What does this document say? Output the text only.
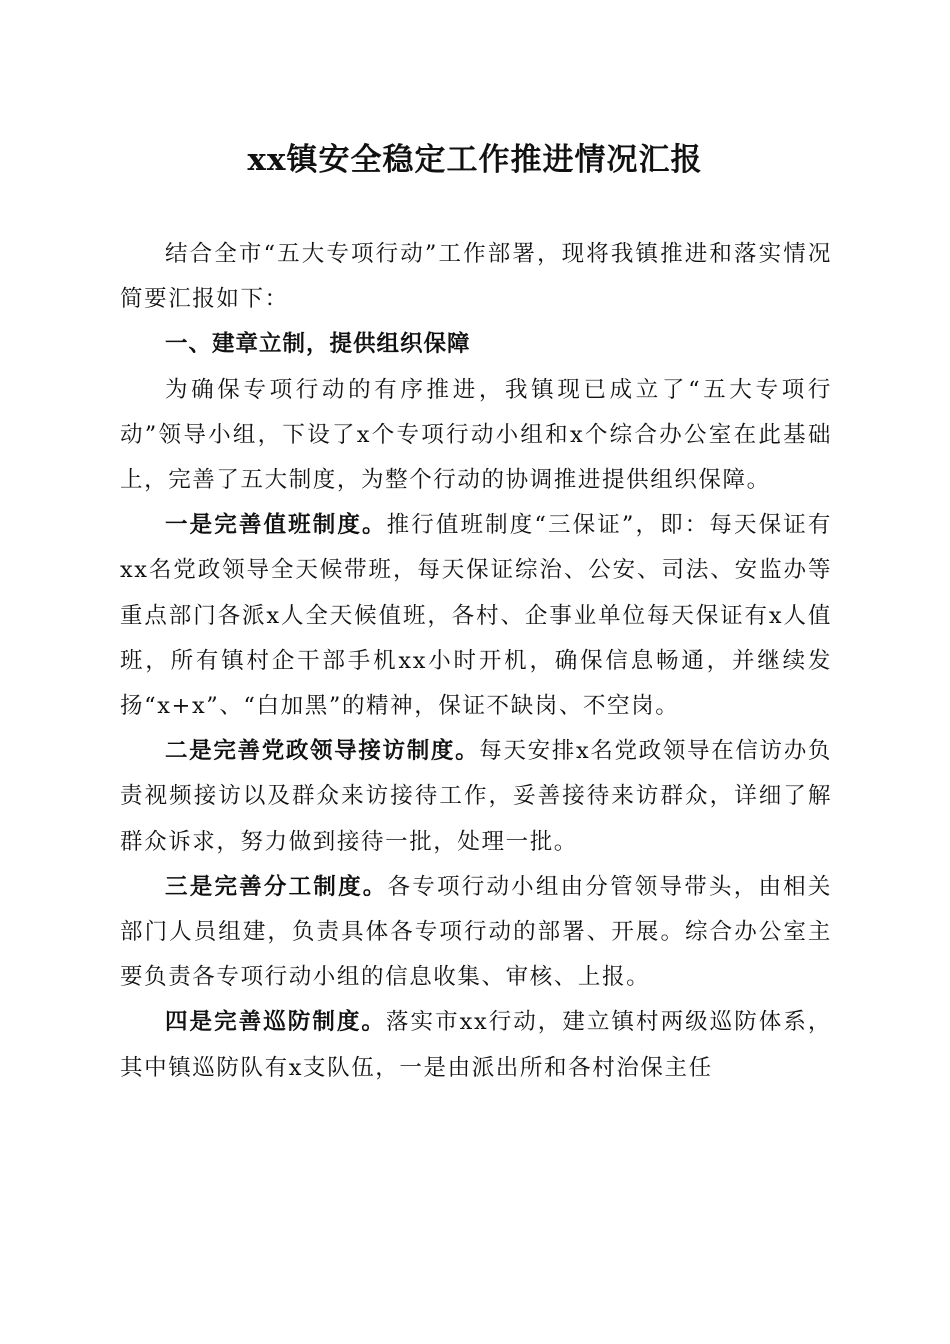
xx镇安全稳定工作推进情况汇报

结合全市“五大专项行动”工作部署，现将我镇推进和落实情况简要汇报如下：

一、建章立制，提供组织保障

为确保专项行动的有序推进，我镇现已成立了“五大专项行动”领导小组，下设了x个专项行动小组和x个综合办公室在此基础上，完善了五大制度，为整个行动的协调推进提供组织保障。

一是完善值班制度。推行值班制度“三保证”，即：每天保证有xx名党政领导全天候带班，每天保证综治、公安、司法、安监办等重点部门各派x人全天候值班，各村、企事业单位每天保证有x人值班，所有镇村企干部手机xx小时开机，确保信息畅通，并继续发扬“x+x”、“白加黑”的精神，保证不缺岗、不空岗。

二是完善党政领导接访制度。每天安排x名党政领导在信访办负责视频接访以及群众来访接待工作，妥善接待来访群众，详细了解群众诉求，努力做到接待一批，处理一批。

三是完善分工制度。各专项行动小组由分管领导带头，由相关部门人员组建，负责具体各专项行动的部署、开展。综合办公室主要负责各专项行动小组的信息收集、审核、上报。

四是完善巡防制度。落实市xx行动，建立镇村两级巡防体系，其中镇巡防队有x支队伍，一是由派出所和各村治保主任
